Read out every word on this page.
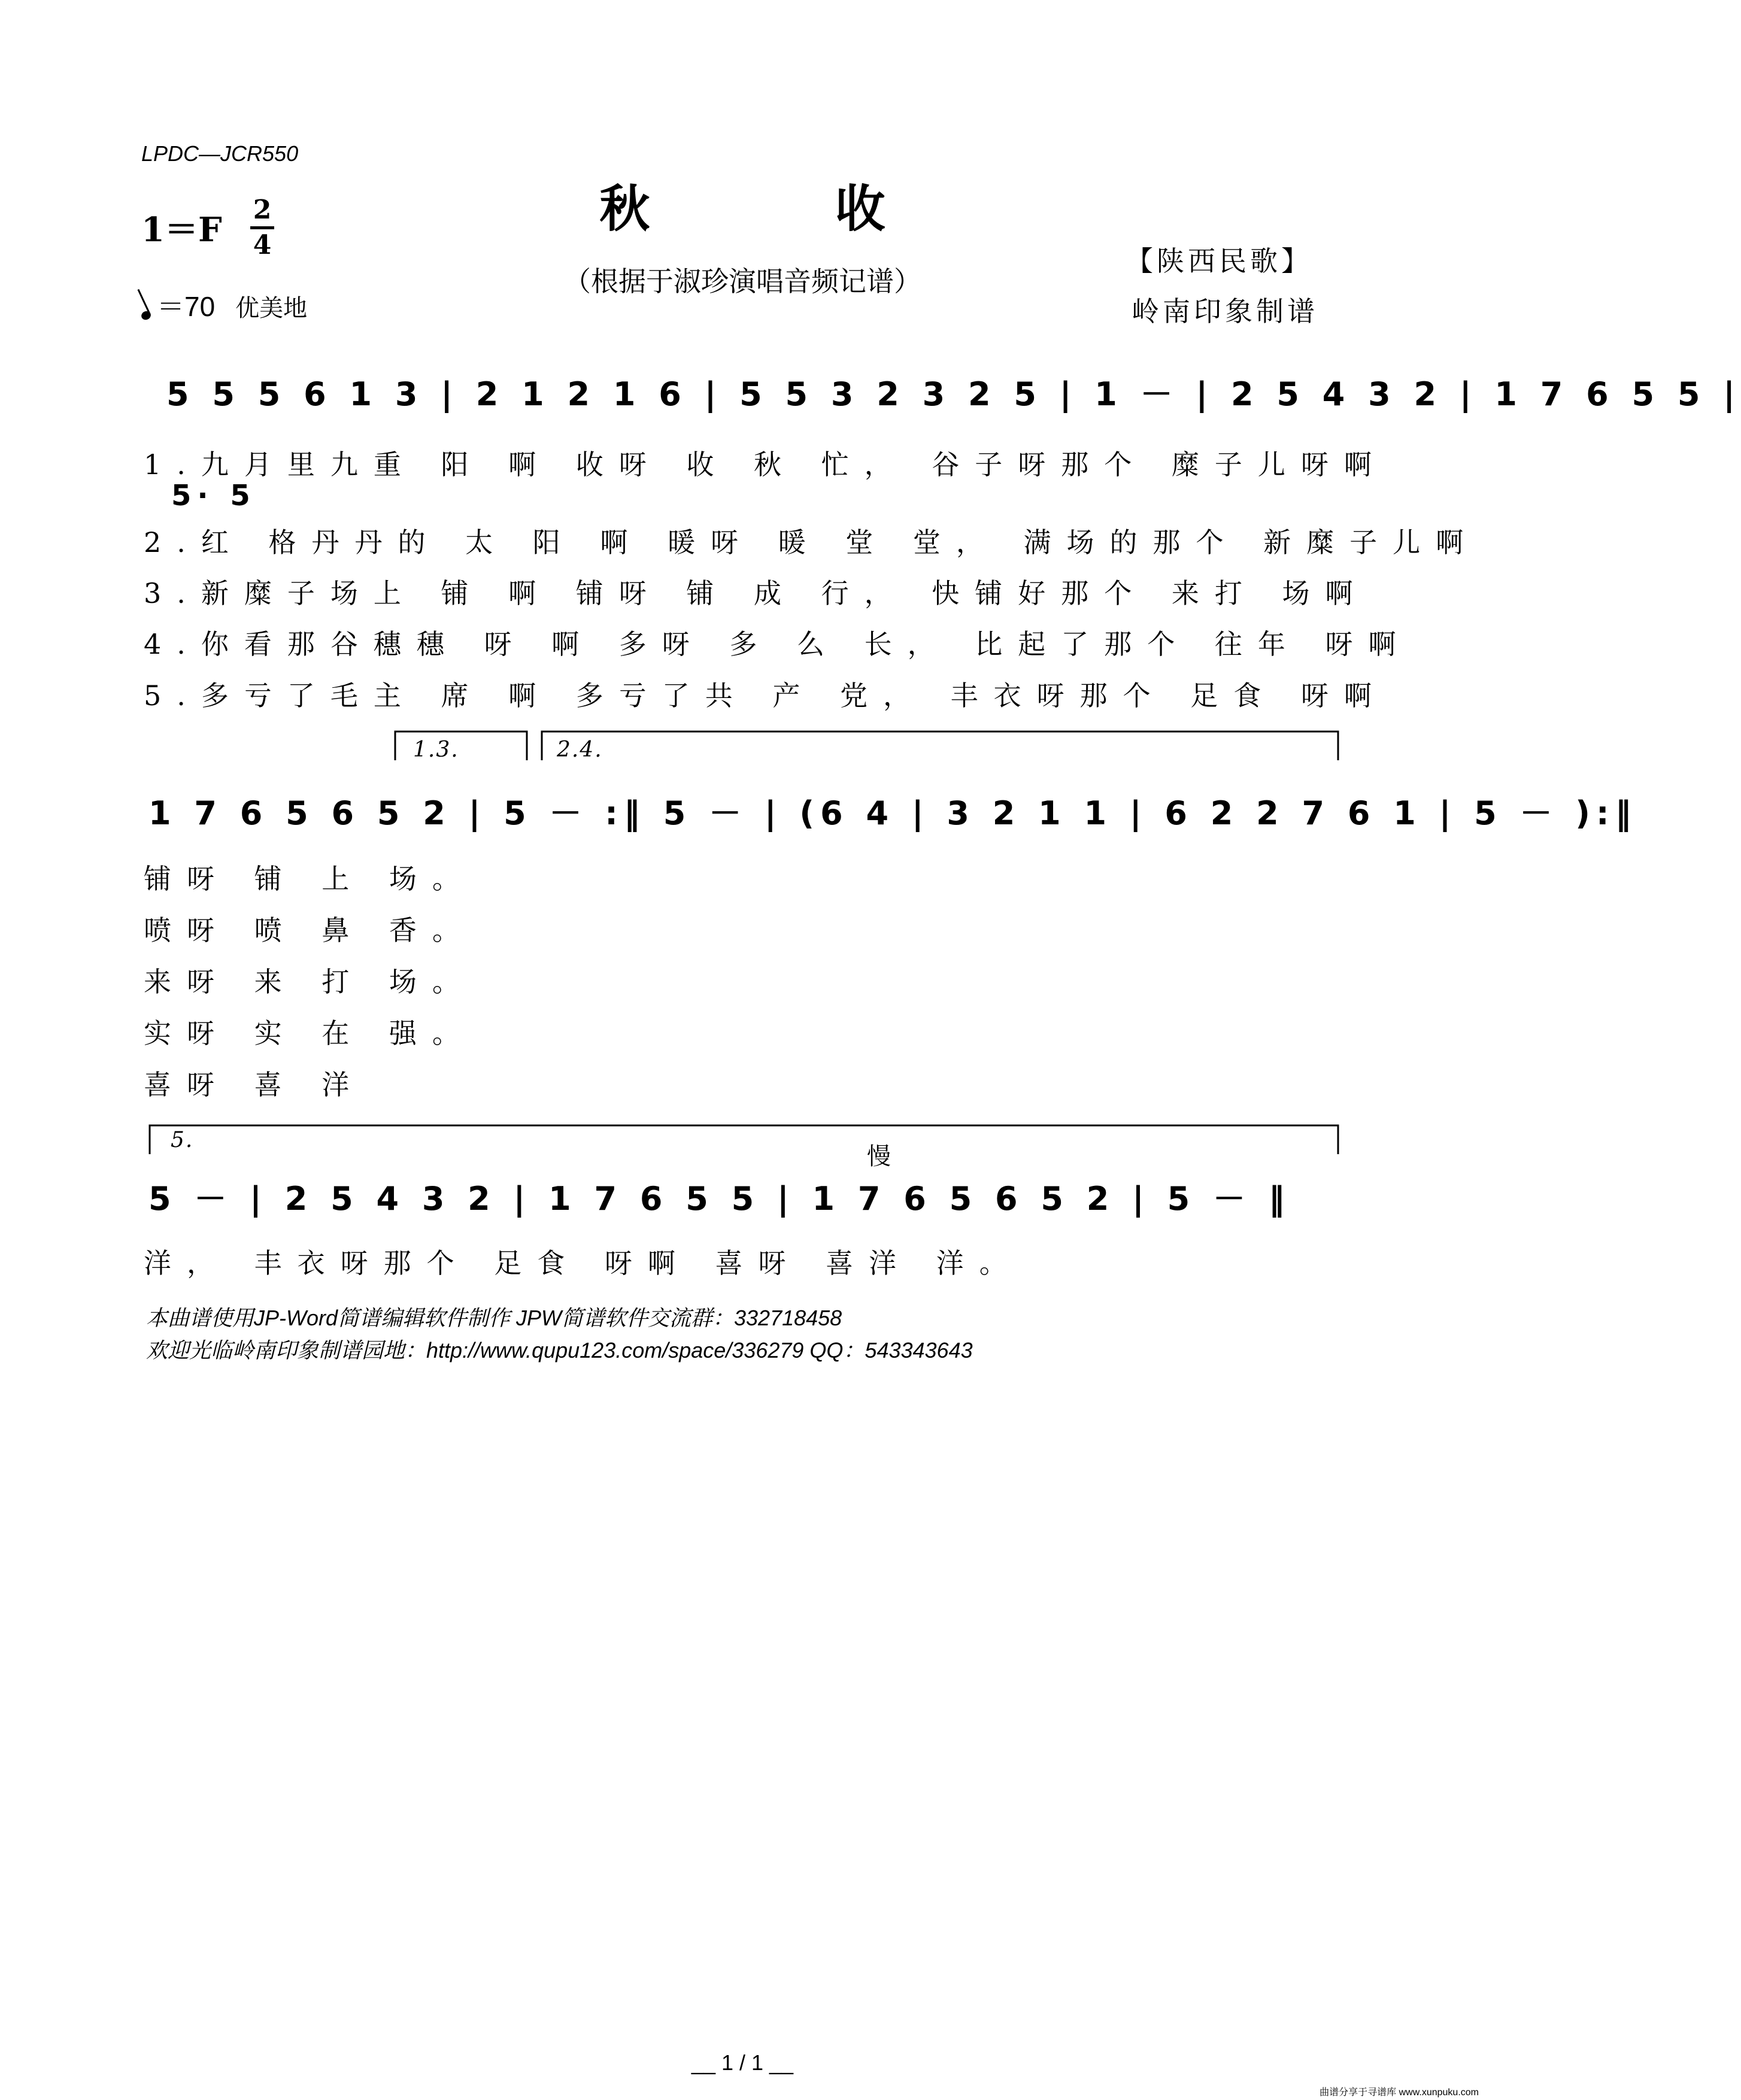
LPDC—JCR550
秋 收
1＝F
2
4
＝70 优美地
（根据于淑珍演唱音频记谱）
【陕西民歌】
岭南印象制谱
5 5 5 6 1 3 | 2 1 2 1 6 | 5 5 3 2 3 2 5 | 1 － | 2 5 4 3 2 | 1 7 6 5 5 |
5· 5
1.九月里九重 阳 啊 收呀 收 秋 忙， 谷子呀那个 糜子儿呀啊
2.红 格丹丹的 太 阳 啊 暖呀 暖 堂 堂， 满场的那个 新糜子儿啊
3.新糜子场上 铺 啊 铺呀 铺 成 行， 快铺好那个 来打 场啊
4.你看那谷穗穗 呀 啊 多呀 多 么 长， 比起了那个 往年 呀啊
5.多亏了毛主 席 啊 多亏了共 产 党， 丰衣呀那个 足食 呀啊
1.3.	2.4.
1 7 6 5 6 5 2 | 5 － :‖ 5 － | (6 4 | 3 2 1 1 | 6 2 2 7 6 1 | 5 － ):‖
铺呀 铺 上 场。
喷呀 喷 鼻 香。
来呀 来 打 场。
实呀 实 在 强。
喜呀 喜 洋
5.
慢
5 － | 2 5 4 3 2 | 1 7 6 5 5 | 1 7 6 5 6 5 2 | 5 － ‖
洋， 丰衣呀那个 足食 呀啊 喜呀 喜洋 洋。
本曲谱使用JP-Word简谱编辑软件制作 JPW简谱软件交流群：332718458
欢迎光临岭南印象制谱园地：http://www.qupu123.com/space/336279 QQ：543343643
__ 1 / 1 __
曲谱分享于寻谱库 www.xunpuku.com
